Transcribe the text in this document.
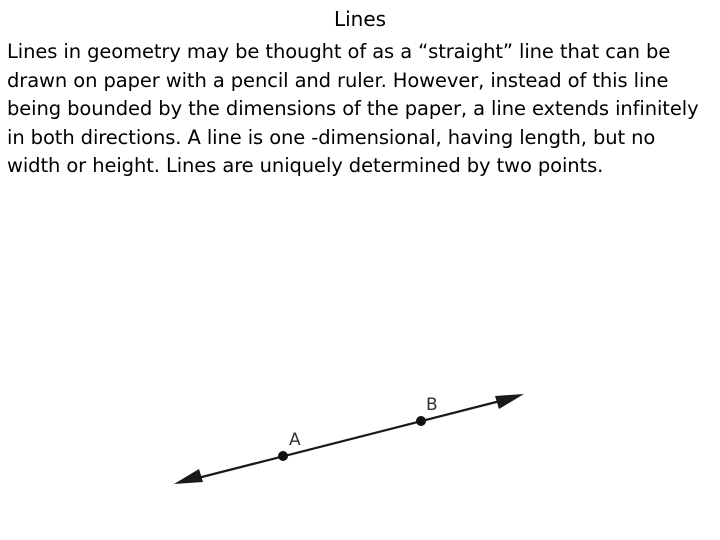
Lines

Lines in geometry may be thought of as a “straight” line that can be drawn on paper with a pencil and ruler. However, instead of this line being bounded by the dimensions of the paper, a line extends infinitely in both directions. A line is one -dimensional, having length, but no width or height. Lines are uniquely determined by two points.

A
B
